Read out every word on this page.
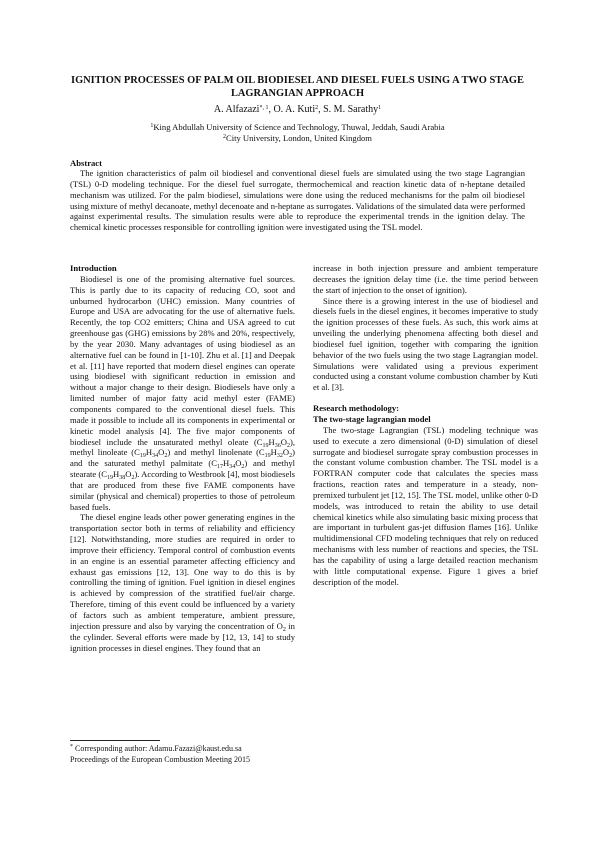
IGNITION PROCESSES OF PALM OIL BIODIESEL AND DIESEL FUELS USING A TWO STAGE LAGRANGIAN APPROACH
A. Alfazazi$^{*, 1}$, O. A. Kuti$^2$, S. M. Sarathy$^1$
$^1$King Abdullah University of Science and Technology, Thuwal, Jeddah, Saudi Arabia
$^2$City University, London, United Kingdom
Abstract

The ignition characteristics of palm oil biodiesel and conventional diesel fuels are simulated using the two stage Lagrangian (TSL) 0-D modeling technique. For the diesel fuel surrogate, thermochemical and reaction kinetic data of n-heptane detailed mechanism was utilized. For the palm biodiesel, simulations were done using the reduced mechanisms for the palm oil biodiesel using mixture of methyl decanoate, methyl decenoate and n-heptane as surrogates. Validations of the simulated data were performed against experimental results. The simulation results were able to reproduce the experimental trends in the ignition delay. The chemical kinetic processes responsible for controlling ignition were investigated using the TSL model.

Introduction

Biodiesel is one of the promising alternative fuel sources. This is partly due to its capacity of reducing CO, soot and unburned hydrocarbon (UHC) emission. Many countries of Europe and USA are advocating for the use of alternative fuels. Recently, the top CO2 emitters; China and USA agreed to cut greenhouse gas (GHG) emissions by 28% and 20%, respectively, by the year 2030. Many advantages of using biodiesel as an alternative fuel can be found in [1-10]. Zhu et al. [1] and Deepak et al. [11] have reported that modern diesel engines can operate using biodiesel with significant reduction in emission and without a major change to their design. Biodiesels have only a limited number of major fatty acid methyl ester (FAME) components compared to the conventional diesel fuels. This made it possible to include all its components in experimental or kinetic model analysis [4]. The five major components of biodiesel include the unsaturated methyl oleate $(C_{19}H_{36}O_2)$, methyl linoleate $(C_{19}H_{34}O_2)$ and methyl linolenate $(C_{19}H_{32}O_2)$ and the saturated methyl palmitate $(C_{17}H_{34}O_2)$ and methyl stearate $(C_{19}H_{38}O_2)$. According to Westbrook [4], most biodiesels that are produced from these five FAME components have similar (physical and chemical) properties to those of petroleum based fuels.

The diesel engine leads other power generating engines in the transportation sector both in terms of reliability and efficiency [12]. Notwithstanding, more studies are required in order to improve their efficiency. Temporal control of combustion events in an engine is an essential parameter affecting efficiency and exhaust gas emissions [12, 13]. One way to do this is by controlling the timing of ignition. Fuel ignition in diesel engines is achieved by compression of the stratified fuel/air charge. Therefore, timing of this event could be influenced by a variety of factors such as ambient temperature, ambient pressure, injection pressure and also by varying the concentration of $O_2$ in the cylinder. Several efforts were made by [12, 13, 14] to study ignition processes in diesel engines. They found that an

increase in both injection pressure and ambient temperature decreases the ignition delay time (i.e. the time period between the start of injection to the onset of ignition).

Since there is a growing interest in the use of biodiesel and diesels fuels in the diesel engines, it becomes imperative to study the ignition processes of these fuels. As such, this work aims at unveiling the underlying phenomena affecting both diesel and biodiesel fuel ignition, together with comparing the ignition behavior of the two fuels using the two stage Lagrangian model. Simulations were validated using a previous experiment conducted using a constant volume combustion chamber by Kuti et al. [3].

Research methodology:
The two-stage lagrangian model

The two-stage Lagrangian (TSL) modeling technique was used to execute a zero dimensional (0-D) simulation of diesel surrogate and biodiesel surrogate spray combustion processes in the constant volume combustion chamber. The TSL model is a FORTRAN computer code that calculates the species mass fractions, reaction rates and temperature in a steady, non-premixed turbulent jet [12, 15]. The TSL model, unlike other 0-D models, was introduced to retain the ability to use detail chemical kinetics while also simulating basic mixing process that are important in turbulent gas-jet diffusion flames [16]. Unlike multidimensional CFD modeling techniques that rely on reduced mechanisms with less number of reactions and species, the TSL has the capability of using a large detailed reaction mechanism with little computational expense. Figure 1 gives a brief description of the model.

* Corresponding author: Adamu.Fazazi@kaust.edu.sa
Proceedings of the European Combustion Meeting 2015
